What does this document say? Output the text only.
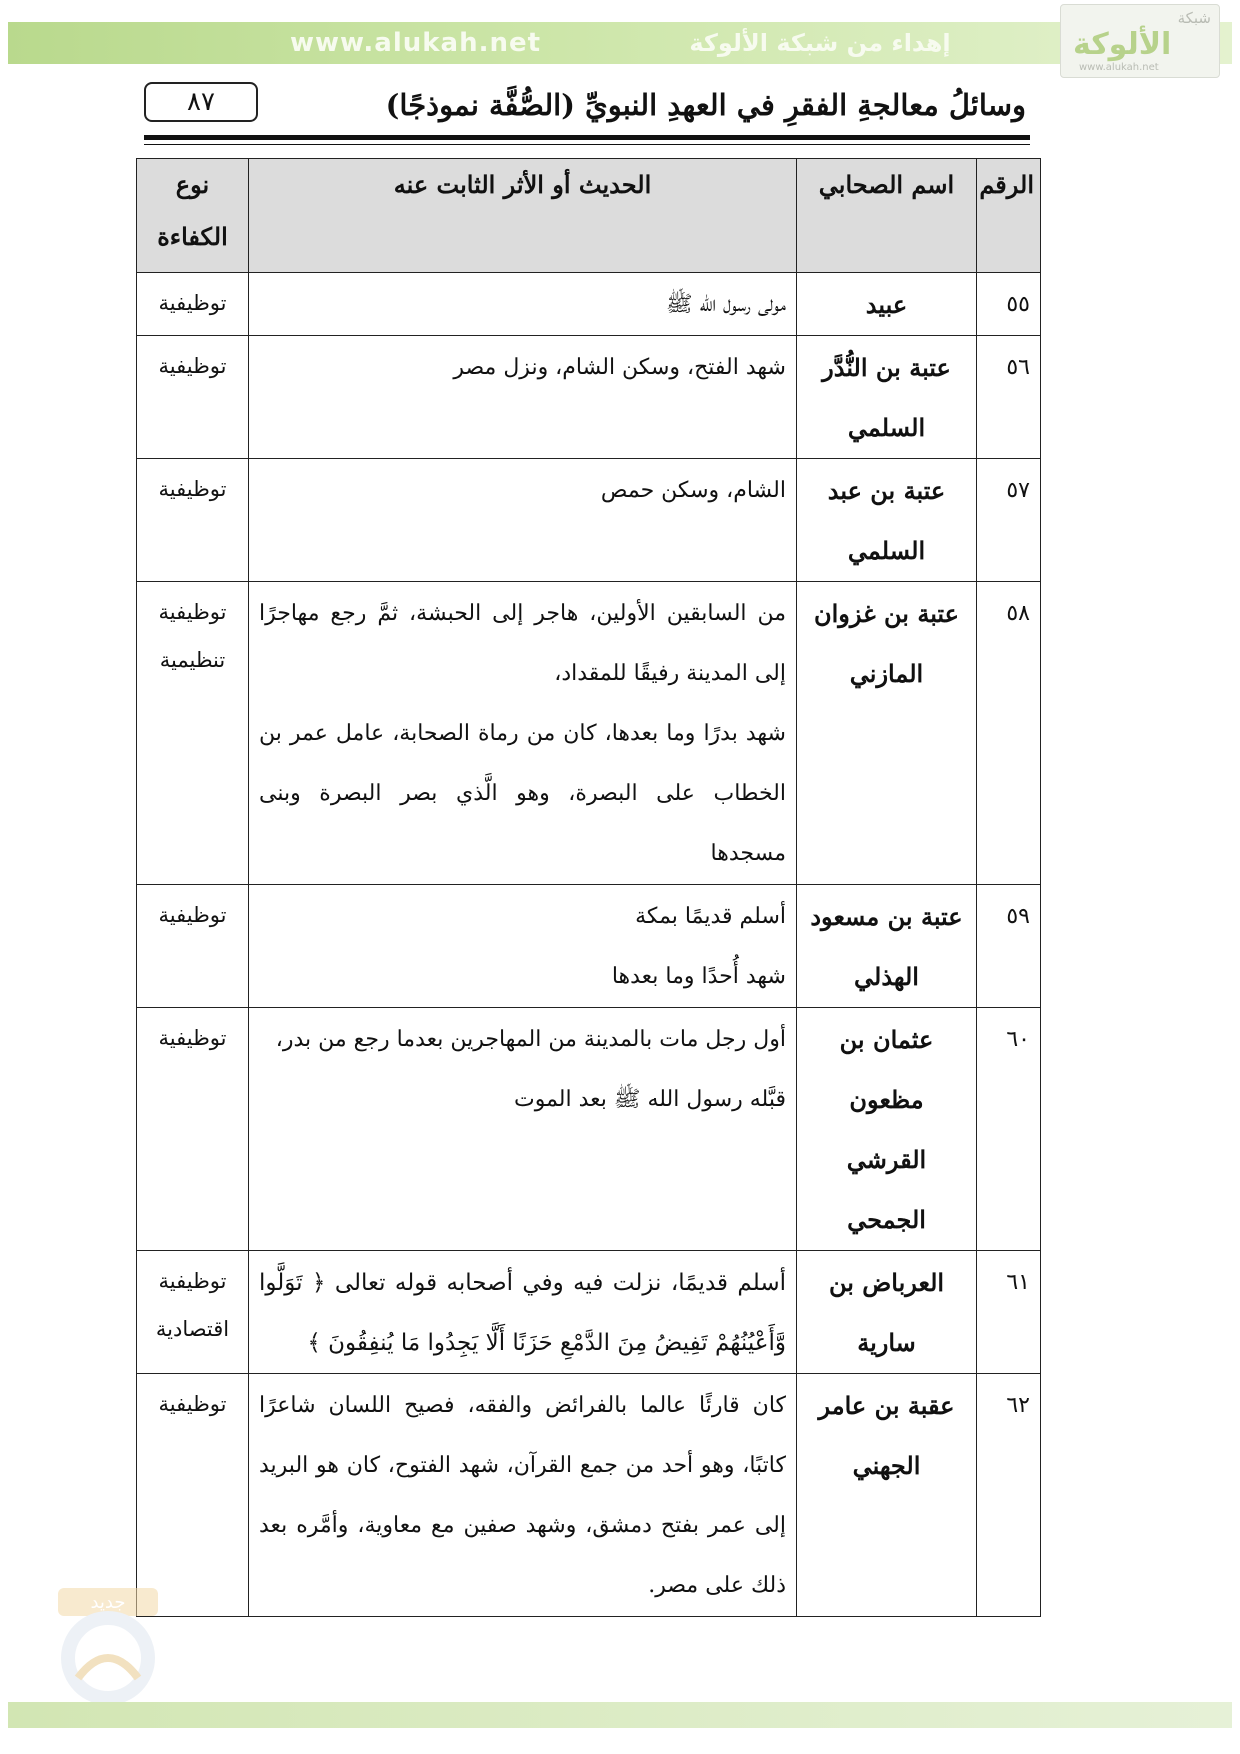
www.alukah.net	إهداء من شبكة الألوكة
شبكة
الألوكة
www.alukah.net
٨٧	وسائلُ معالجةِ الفقرِ في العهدِ النبويِّ (الصُّفَّة نموذجًا)
الرقم	اسم الصحابي	الحديث أو الأثر الثابت عنه	نوع الكفاءة
٥٥	عبيد	مولى رسول الله ﷺ	توظيفية

٥٦	عتبة بن النُّدَّر السلمي	شهد الفتح، وسكن الشام، ونزل مصر	توظيفية

٥٧	عتبة بن عبد السلمي	الشام، وسكن حمص	توظيفية

٥٨	عتبة بن غزوان المازني	من السابقين الأولين، هاجر إلى الحبشة، ثمَّ رجع مهاجرًا إلى المدينة رفيقًا للمقداد،
شهد بدرًا وما بعدها، كان من رماة الصحابة، عامل عمر بن الخطاب على البصرة، وهو الَّذي بصر البصرة وبنى مسجدها	توظيفية
تنظيمية

٥٩	عتبة بن مسعود الهذلي	أسلم قديمًا بمكة
شهد أُحدًا وما بعدها	توظيفية

٦٠	عثمان بن مظعون القرشي الجمحي	أول رجل مات بالمدينة من المهاجرين بعدما رجع من بدر،
قبَّله رسول الله ﷺ بعد الموت	توظيفية

٦١	العرباض بن سارية	أسلم قديمًا، نزلت فيه وفي أصحابه قوله تعالى ﴿ تَوَلَّوا وَّأَعْيُنُهُمْ تَفِيضُ مِنَ الدَّمْعِ حَزَنًا أَلَّا يَجِدُوا مَا يُنفِقُونَ ﴾	توظيفية
اقتصادية

٦٢	عقبة بن عامر الجهني	كان قارئًا عالما بالفرائض والفقه، فصيح اللسان شاعرًا كاتبًا، وهو أحد من جمع القرآن، شهد الفتوح، كان هو البريد إلى عمر بفتح دمشق، وشهد صفين مع معاوية، وأمَّره بعد ذلك على مصر.	توظيفية
جديد
